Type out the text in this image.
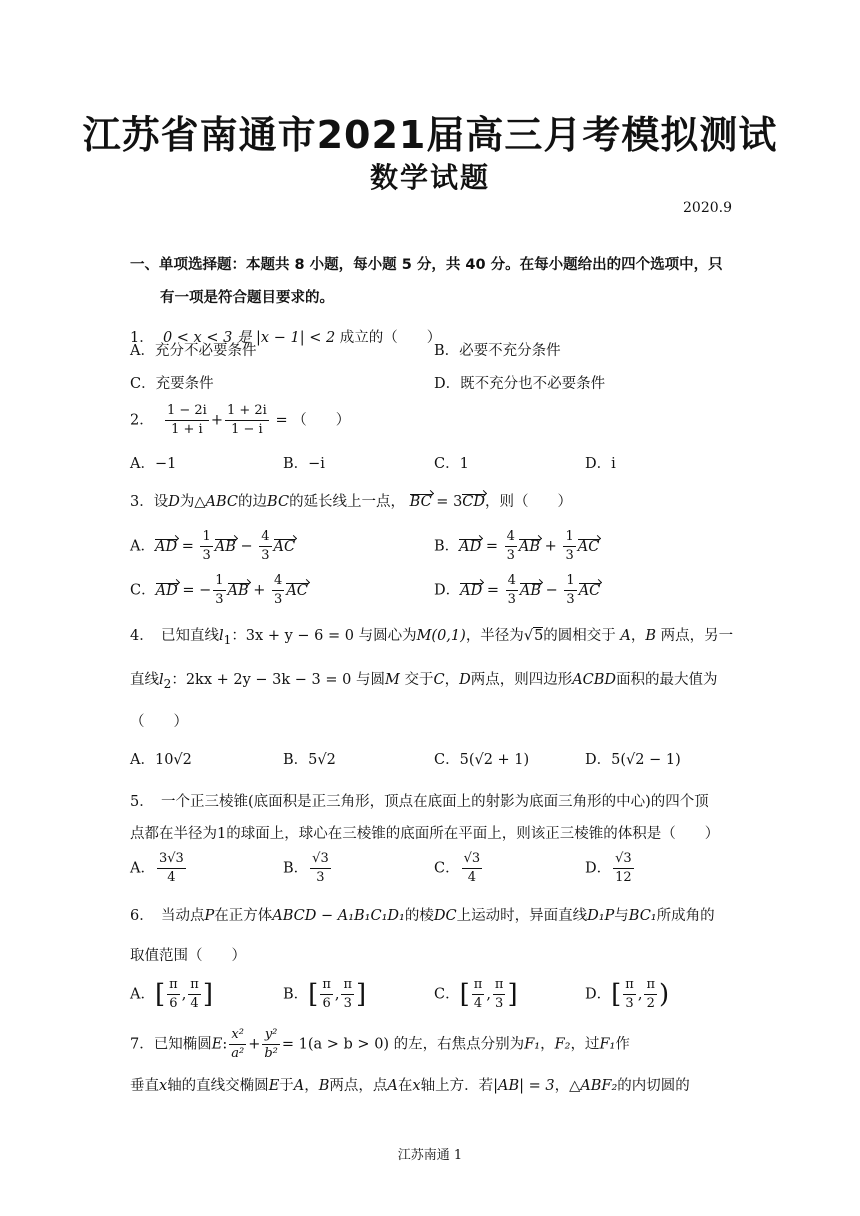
江苏省南通市2021届高三月考模拟测试
数学试题
2020.9
一、单项选择题：本题共 8 小题，每小题 5 分，共 40 分。在每小题给出的四个选项中，只
有一项是符合题目要求的。
1． 0 < x < 3 是 |x − 1| < 2 成立的（　　）
A．充分不必要条件	B．必要不充分条件
C．充要条件	D．既不充分也不必要条件
2． $\frac{1 - 2i}{1 + i} + \frac{1 + 2i}{1 - i}$ = （　　）
A．−1	B．−i	C．1	D．i
3．设D为△ABC的边BC的延长线上一点， BC = 3CD，则（　　）
A．AD = $\frac{1}{3}$ AB − $\frac{4}{3}$ AC	B．AD = $\frac{4}{3}$ AB + $\frac{1}{3}$ AC
C．AD = − $\frac{1}{3}$ AB + $\frac{4}{3}$ AC	D．AD = $\frac{4}{3}$ AB − $\frac{1}{3}$ AC
4．　已知直线$l_1$：3x + y − 6 = 0 与圆心为M(0,1)，半径为√5的圆相交于 A，B 两点，另一
直线$l_2$：2kx + 2y − 3k − 3 = 0 与圆M 交于C，D两点，则四边形ACBD面积的最大值为
（　　）
A．10√2	B．5√2	C．5(√2 + 1)	D．5(√2 − 1)
5．　一个正三棱锥(底面积是正三角形，顶点在底面上的射影为底面三角形的中心)的四个顶
点都在半径为1的球面上，球心在三棱锥的底面所在平面上，则该正三棱锥的体积是（　　）
A． $\frac{3√3}{4}$	B． $\frac{√3}{3}$	C． $\frac{√3}{4}$	D． $\frac{√3}{12}$
6．　当动点P在正方体ABCD − A₁B₁C₁D₁的棱DC上运动时，异面直线D₁P与BC₁所成角的
取值范围（　　）
A．[ $\frac{\pi}{6}$ , $\frac{\pi}{4}$ ]	B．[ $\frac{\pi}{6}$ , $\frac{\pi}{3}$ ]	C．[ $\frac{\pi}{4}$ , $\frac{\pi}{3}$ ]	D．[ $\frac{\pi}{3}$ , $\frac{\pi}{2}$ )
7．已知椭圆E: $\frac{\text{x²}}{\text{a²}} + \frac{\text{y²}}{\text{b²}} = 1(a > b > 0)$ 的左，右焦点分别为F₁，F₂，过F₁作
垂直x轴的直线交椭圆E于A，B两点，点A在x轴上方．若|AB| = 3，△ABF₂的内切圆的
江苏南通 1
